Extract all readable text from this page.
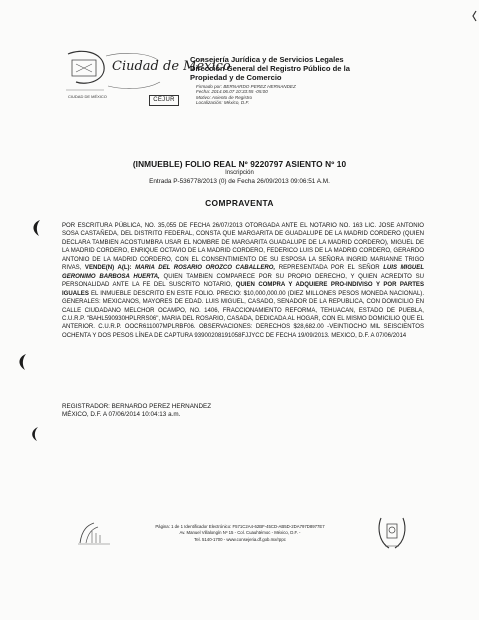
Ciudad de México
CIUDAD DE MÉXICO
CEJUR
Consejería Jurídica y de Servicios Legales
Dirección General del Registro Público de la
Propiedad y de Comercio
Firmado por: BERNARDO PEREZ HERNANDEZ
Fecha: 2014.06.07 10:33:55 -05:00
Motivo: Asiento de Registro
Localización: México, D.F.
(INMUEBLE) FOLIO REAL Nº 9220797 ASIENTO Nº 10
Inscripción
Entrada P-536778/2013 (0) de Fecha 26/09/2013 09:06:51 A.M.
COMPRAVENTA

POR ESCRITURA PÚBLICA, NO. 35,055 DE FECHA 26/07/2013 OTORGADA ANTE EL NOTARIO NO. 163 LIC. JOSE ANTONIO SOSA CASTAÑEDA, DEL DISTRITO FEDERAL, CONSTA QUE MARGARITA DE GUADALUPE DE LA MADRID CORDERO (QUIEN DECLARA TAMBIEN ACOSTUMBRA USAR EL NOMBRE DE MARGARITA GUADALUPE DE LA MADRID CORDERO), MIGUEL DE LA MADRID CORDERO, ENRIQUE OCTAVIO DE LA MADRID CORDERO, FEDERICO LUIS DE LA MADRID CORDERO, GERARDO ANTONIO DE LA MADRID CORDERO, CON EL CONSENTIMIENTO DE SU ESPOSA LA SEÑORA INGRID MARIANNE TRIGO RIVAS, VENDE(N) A(L): MARIA DEL ROSARIO OROZCO CABALLERO, REPRESENTADA POR EL SEÑOR LUIS MIGUEL GERONIMO BARBOSA HUERTA, QUIEN TAMBIEN COMPARECE POR SU PROPIO DERECHO, Y QUIEN ACREDITO SU PERSONALIDAD ANTE LA FE DEL SUSCRITO NOTARIO, QUIEN COMPRA Y ADQUIERE PRO-INDIVISO Y POR PARTES IGUALES EL INMUEBLE DESCRITO EN ESTE FOLIO. PRECIO: $10,000,000.00 (DIEZ MILLONES PESOS MONEDA NACIONAL). GENERALES: MEXICANOS, MAYORES DE EDAD. LUIS MIGUEL, CASADO, SENADOR DE LA REPUBLICA, CON DOMICILIO EN CALLE CIUDADANO MELCHOR OCAMPO, NO. 1406, FRACCIONAMIENTO REFORMA, TEHUACAN, ESTADO DE PUEBLA, C.U.R.P. "BAHL590930HPLRRS06", MARIA DEL ROSARIO, CASADA, DEDICADA AL HOGAR, CON EL MISMO DOMICILIO QUE EL ANTERIOR. C.U.R.P. OOCR611007MPLRBF06. OBSERVACIONES: DERECHOS $28,682.00 -VEINTIOCHO MIL SEISCIENTOS OCHENTA Y DOS PESOS LÍNEA DE CAPTURA 93900208191058FJJYCC DE FECHA 19/09/2013. MEXICO, D.F. A 07/06/2014

REGISTRADOR: BERNARDO PEREZ HERNANDEZ
MÉXICO, D.F. A 07/06/2014 10:04:13 a.m.
Página: 1 de 1 Identificador Electrónico: F571C2A4-62BF-45CD-AB5D-2DA797D8977E7
Av. Manuel Villalongín Nº 15 - Col. Cuauhtémoc - México, D.F. -
Tel. 5140-1700 - www.consejeria.df.gob.mx/rppc
